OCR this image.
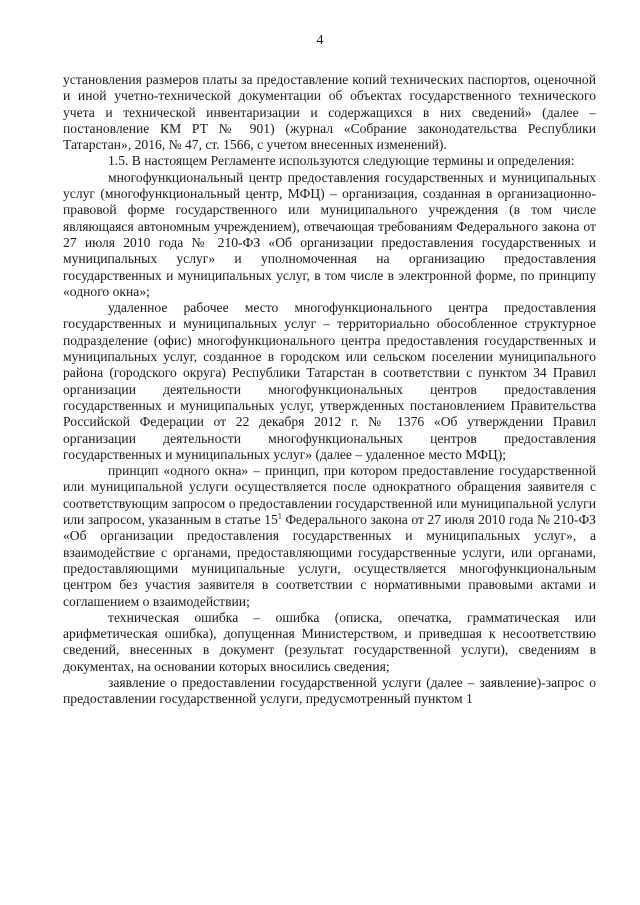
4

установления размеров платы за предоставление копий технических паспортов, оценочной и иной учетно-технической документации об объектах государственного технического учета и технической инвентаризации и содержащихся в них сведений» (далее – постановление КМ РТ № 901) (журнал «Собрание законодательства Республики Татарстан», 2016, № 47, ст. 1566, с учетом внесенных изменений).

1.5. В настоящем Регламенте используются следующие термины и определения:

многофункциональный центр предоставления государственных и муниципальных услуг (многофункциональный центр, МФЦ) – организация, созданная в организационно-правовой форме государственного или муниципального учреждения (в том числе являющаяся автономным учреждением), отвечающая требованиям Федерального закона от 27 июля 2010 года № 210-ФЗ «Об организации предоставления государственных и муниципальных услуг» и уполномоченная на организацию предоставления государственных и муниципальных услуг, в том числе в электронной форме, по принципу «одного окна»;

удаленное рабочее место многофункционального центра предоставления государственных и муниципальных услуг – территориально обособленное структурное подразделение (офис) многофункционального центра предоставления государственных и муниципальных услуг, созданное в городском или сельском поселении муниципального района (городского округа) Республики Татарстан в соответствии с пунктом 34 Правил организации деятельности многофункциональных центров предоставления государственных и муниципальных услуг, утвержденных постановлением Правительства Российской Федерации от 22 декабря 2012 г. № 1376 «Об утверждении Правил организации деятельности многофункциональных центров предоставления государственных и муниципальных услуг» (далее – удаленное место МФЦ);

принцип «одного окна» – принцип, при котором предоставление государственной или муниципальной услуги осуществляется после однократного обращения заявителя с соответствующим запросом о предоставлении государственной или муниципальной услуги или запросом, указанным в статье $15^1$ Федерального закона от 27 июля 2010 года № 210-ФЗ «Об организации предоставления государственных и муниципальных услуг», а взаимодействие с органами, предоставляющими государственные услуги, или органами, предоставляющими муниципальные услуги, осуществляется многофункциональным центром без участия заявителя в соответствии с нормативными правовыми актами и соглашением о взаимодействии;

техническая ошибка – ошибка (описка, опечатка, грамматическая или арифметическая ошибка), допущенная Министерством, и приведшая к несоответствию сведений, внесенных в документ (результат государственной услуги), сведениям в документах, на основании которых вносились сведения;

заявление о предоставлении государственной услуги (далее – заявление)-запрос о предоставлении государственной услуги, предусмотренный пунктом 1
